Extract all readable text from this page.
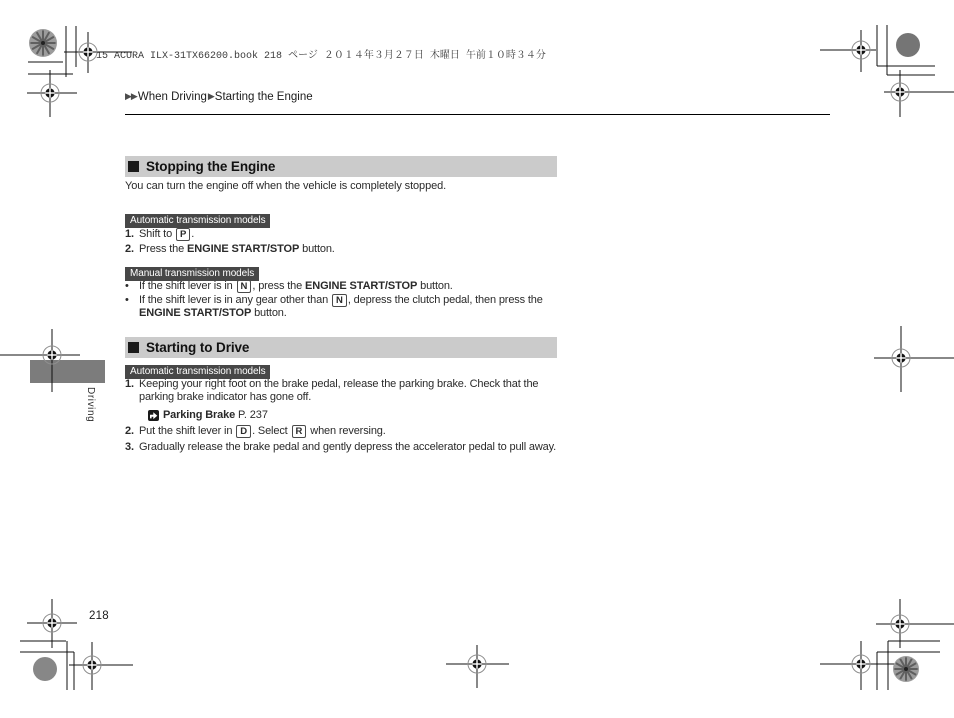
15 ACURA ILX-31TX66200.book 218 ページ ２０１４年３月２７日 木曜日 午前１０時３４分
▶▶When Driving▶Starting the Engine
Stopping the Engine
You can turn the engine off when the vehicle is completely stopped.
Automatic transmission models
1. Shift to P .
2. Press the ENGINE START/STOP button.
Manual transmission models
• If the shift lever is in N , press the ENGINE START/STOP button.
• If the shift lever is in any gear other than N , depress the clutch pedal, then press the ENGINE START/STOP button.
Starting to Drive
Automatic transmission models
1. Keeping your right foot on the brake pedal, release the parking brake. Check that the parking brake indicator has gone off.
Parking Brake P. 237
2. Put the shift lever in D . Select R when reversing.
3. Gradually release the brake pedal and gently depress the accelerator pedal to pull away.
Driving
218
